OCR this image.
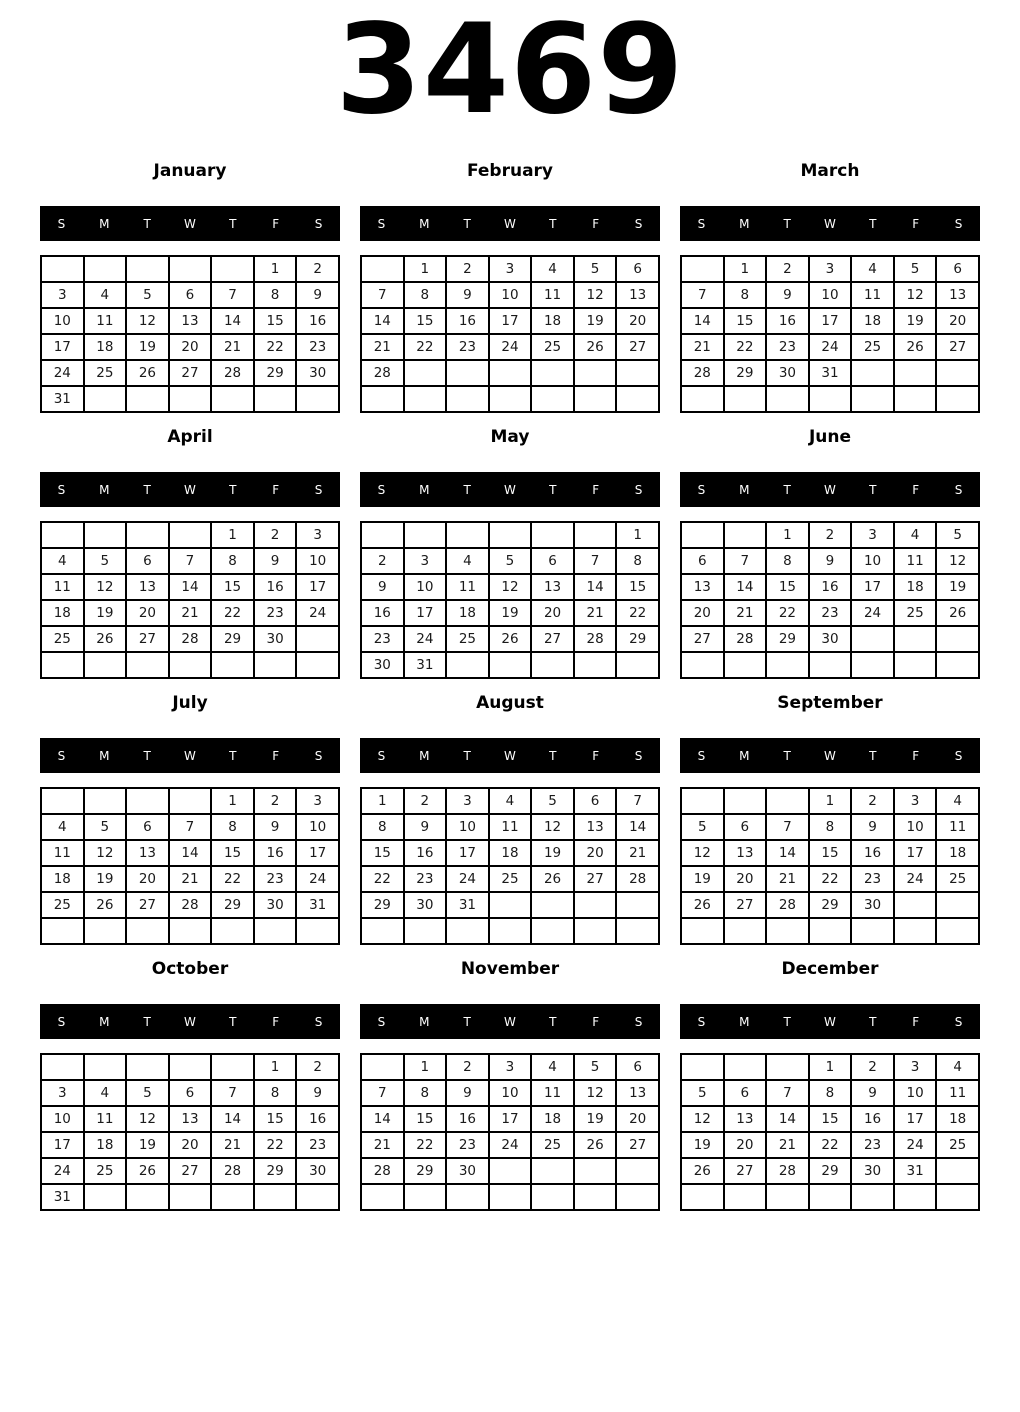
3469
January
S	M	T	W	T	F	S
					1	2
3	4	5	6	7	8	9
10	11	12	13	14	15	16
17	18	19	20	21	22	23
24	25	26	27	28	29	30
31						
February
S	M	T	W	T	F	S
	1	2	3	4	5	6
7	8	9	10	11	12	13
14	15	16	17	18	19	20
21	22	23	24	25	26	27
28						

March
S	M	T	W	T	F	S
	1	2	3	4	5	6
7	8	9	10	11	12	13
14	15	16	17	18	19	20
21	22	23	24	25	26	27
28	29	30	31			

April
S	M	T	W	T	F	S
				1	2	3
4	5	6	7	8	9	10
11	12	13	14	15	16	17
18	19	20	21	22	23	24
25	26	27	28	29	30	

May
S	M	T	W	T	F	S
						1
2	3	4	5	6	7	8
9	10	11	12	13	14	15
16	17	18	19	20	21	22
23	24	25	26	27	28	29
30	31					
June
S	M	T	W	T	F	S
		1	2	3	4	5
6	7	8	9	10	11	12
13	14	15	16	17	18	19
20	21	22	23	24	25	26
27	28	29	30			

July
S	M	T	W	T	F	S
				1	2	3
4	5	6	7	8	9	10
11	12	13	14	15	16	17
18	19	20	21	22	23	24
25	26	27	28	29	30	31

August
S	M	T	W	T	F	S
1	2	3	4	5	6	7
8	9	10	11	12	13	14
15	16	17	18	19	20	21
22	23	24	25	26	27	28
29	30	31				

September
S	M	T	W	T	F	S
			1	2	3	4
5	6	7	8	9	10	11
12	13	14	15	16	17	18
19	20	21	22	23	24	25
26	27	28	29	30		

October
S	M	T	W	T	F	S
					1	2
3	4	5	6	7	8	9
10	11	12	13	14	15	16
17	18	19	20	21	22	23
24	25	26	27	28	29	30
31						
November
S	M	T	W	T	F	S
	1	2	3	4	5	6
7	8	9	10	11	12	13
14	15	16	17	18	19	20
21	22	23	24	25	26	27
28	29	30				

December
S	M	T	W	T	F	S
			1	2	3	4
5	6	7	8	9	10	11
12	13	14	15	16	17	18
19	20	21	22	23	24	25
26	27	28	29	30	31	
